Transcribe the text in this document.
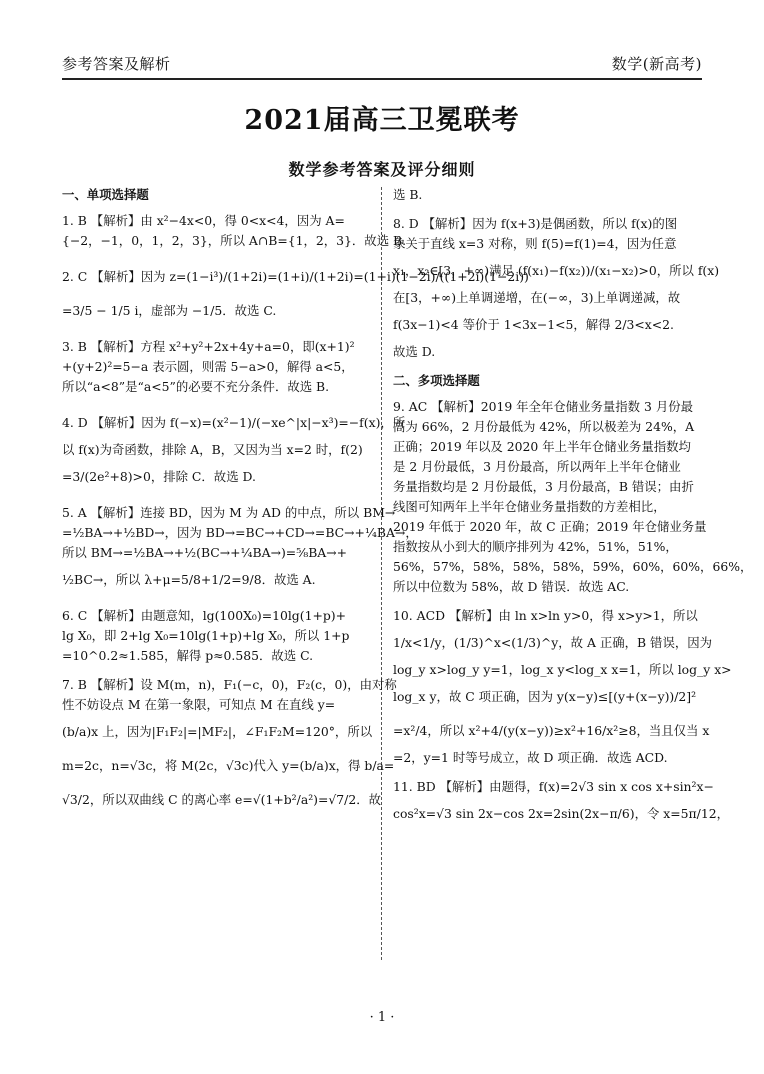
参考答案及解析	数学(新高考)
2021届高三卫冕联考
数学参考答案及评分细则
一、单项选择题
1. B 【解析】由 x²−4x<0，得 0<x<4，因为 A=
{−2，−1，0，1，2，3}，所以 A∩B={1，2，3}．故选 B.
2. C 【解析】因为 z=(1−i³)/(1+2i)=(1+i)/(1+2i)=(1+i)(1−2i)/((1+2i)(1−2i))
=3/5 − 1/5 i，虚部为 −1/5．故选 C.
3. B 【解析】方程 x²+y²+2x+4y+a=0，即(x+1)²
+(y+2)²=5−a 表示圆，则需 5−a>0，解得 a<5，
所以“a<8”是“a<5”的必要不充分条件．故选 B.
4. D 【解析】因为 f(−x)=(x²−1)/(−xe^|x|−x³)=−f(x)，所
以 f(x)为奇函数，排除 A，B，又因为当 x=2 时，f(2)
=3/(2e²+8)>0，排除 C．故选 D.
5. A 【解析】连接 BD，因为 M 为 AD 的中点，所以 BM→
=½BA→+½BD→，因为 BD→=BC→+CD→=BC→+¼BA→，
所以 BM→=½BA→+½(BC→+¼BA→)=⅝BA→+
½BC→，所以 λ+μ=5/8+1/2=9/8．故选 A.
6. C 【解析】由题意知，lg(100X₀)=10lg(1+p)+
lg X₀，即 2+lg X₀=10lg(1+p)+lg X₀，所以 1+p
=10^0.2≈1.585，解得 p≈0.585．故选 C.
7. B 【解析】设 M(m，n)，F₁(−c，0)，F₂(c，0)，由对称
性不妨设点 M 在第一象限，可知点 M 在直线 y=
(b/a)x 上，因为|F₁F₂|=|MF₂|，∠F₁F₂M=120°，所以
m=2c，n=√3c，将 M(2c，√3c)代入 y=(b/a)x，得 b/a=
√3/2，所以双曲线 C 的离心率 e=√(1+b²/a²)=√7/2．故
选 B.
8. D 【解析】因为 f(x+3)是偶函数，所以 f(x)的图
象关于直线 x=3 对称，则 f(5)=f(1)=4，因为任意
x₁，x₂∈[3，+∞)满足 (f(x₁)−f(x₂))/(x₁−x₂)>0，所以 f(x)
在[3，+∞)上单调递增，在(−∞，3)上单调递减，故
f(3x−1)<4 等价于 1<3x−1<5，解得 2/3<x<2.
故选 D.
二、多项选择题
9. AC 【解析】2019 年全年仓储业务量指数 3 月份最
高为 66%，2 月份最低为 42%，所以极差为 24%，A
正确；2019 年以及 2020 年上半年仓储业务量指数均
是 2 月份最低，3 月份最高，所以两年上半年仓储业
务量指数均是 2 月份最低，3 月份最高，B 错误；由折
线图可知两年上半年仓储业务量指数的方差相比，
2019 年低于 2020 年，故 C 正确；2019 年仓储业务量
指数按从小到大的顺序排列为 42%，51%，51%，
56%，57%，58%，58%，58%，59%，60%，60%，66%，
所以中位数为 58%，故 D 错误．故选 AC.
10. ACD 【解析】由 ln x>ln y>0，得 x>y>1，所以
1/x<1/y，(1/3)^x<(1/3)^y，故 A 正确，B 错误，因为
log_y x>log_y y=1，log_x y<log_x x=1，所以 log_y x>
log_x y，故 C 项正确，因为 y(x−y)≤[(y+(x−y))/2]²
=x²/4，所以 x²+4/(y(x−y))≥x²+16/x²≥8，当且仅当 x
=2，y=1 时等号成立，故 D 项正确．故选 ACD.
11. BD 【解析】由题得，f(x)=2√3 sin x cos x+sin²x−
cos²x=√3 sin 2x−cos 2x=2sin(2x−π/6)，令 x=5π/12，
· 1 ·
